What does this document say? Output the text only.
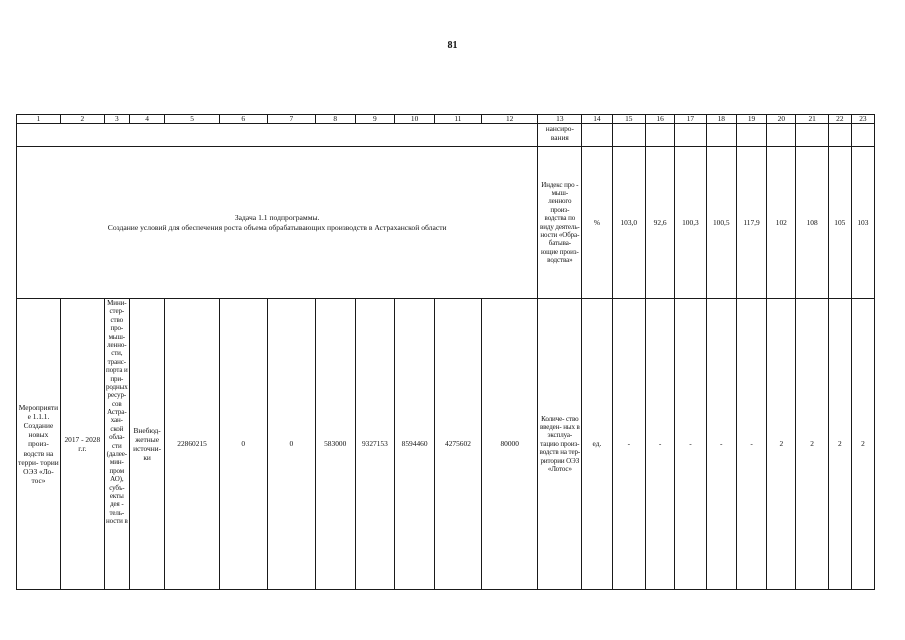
81
1	2	3	4	5	6	7	8	9	10	11	12	13	14	15	16	17	18	19	20	21	22	23

												нансиро-вания										

Задача 1.1 подпрограммы.
Создание условий для обеспечения роста объема обрабатывающих производств в Астраханской области												Индекс про - мыш- ленного произ- водства по виду деятель- ности «Обра- батыва- ющие произ- водства»	%	103,0	92,6	100,3	100,5	117,9	102	108	105	103
Мероприятие 1.1.1. Создание новых произ- водств на терри- тории ОЭЗ «Ло- тос»	2017 - 2028 г.г.	Мини- стер- ство про- мыш- ленно- сти, транс- порта и при- родных ресур- сов Астра- хан- ской обла- сти (далее- мин- пром АО), субъ- екты дея - тель- ности в	Внебюд- жетные источни- ки	22860215	0	0	583000	9327153	8594460	4275602	80000	Количе- ство введен- ных в эксплуа- тацию произ- водств на тер- ритории ОЭЗ «Лотос»	ед.	-	-	-	-	-	2	2	2	2
